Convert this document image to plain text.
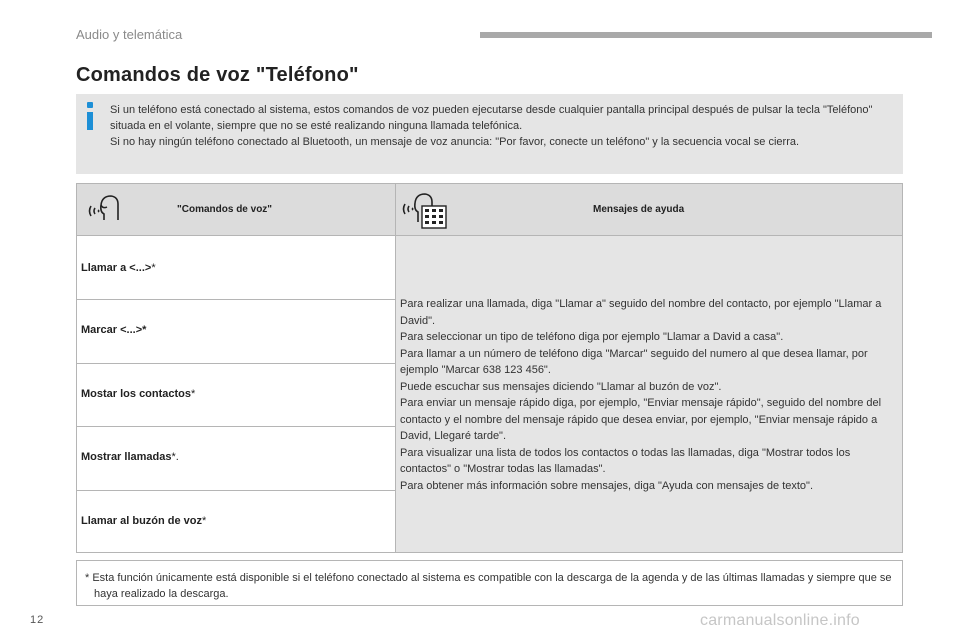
Audio y telemática
Comandos de voz "Teléfono"

Si un teléfono está conectado al sistema, estos comandos de voz pueden ejecutarse desde cualquier pantalla principal después de pulsar la tecla "Teléfono" situada en el volante, siempre que no se esté realizando ninguna llamada telefónica.

Si no hay ningún teléfono conectado al Bluetooth, un mensaje de voz anuncia: "Por favor, conecte un teléfono" y la secuencia vocal se cierra.

"Comandos de voz"	Mensajes de ayuda
Llamar a <...>*
Marcar <...>*
Mostar los contactos*
Mostrar llamadas*.
Llamar al buzón de voz*

Para realizar una llamada, diga "Llamar a" seguido del nombre del contacto, por ejemplo "Llamar a David".

Para seleccionar un tipo de teléfono diga por ejemplo "Llamar a David a casa".

Para llamar a un número de teléfono diga "Marcar" seguido del numero al que desea llamar, por ejemplo "Marcar 638 123 456".

Puede escuchar sus mensajes diciendo "Llamar al buzón de voz".

Para enviar un mensaje rápido diga, por ejemplo, "Enviar mensaje rápido", seguido del nombre del contacto y el nombre del mensaje rápido que desea enviar, por ejemplo, "Enviar mensaje rápido a David, Llegaré tarde".

Para visualizar una lista de todos los contactos o todas las llamadas, diga "Mostrar todos los contactos" o "Mostrar todas las llamadas".

Para obtener más información sobre mensajes, diga "Ayuda con mensajes de texto".

* Esta función únicamente está disponible si el teléfono conectado al sistema es compatible con la descarga de la agenda y de las últimas llamadas y siempre que se haya realizado la descarga.
12	carmanualsonline.info
